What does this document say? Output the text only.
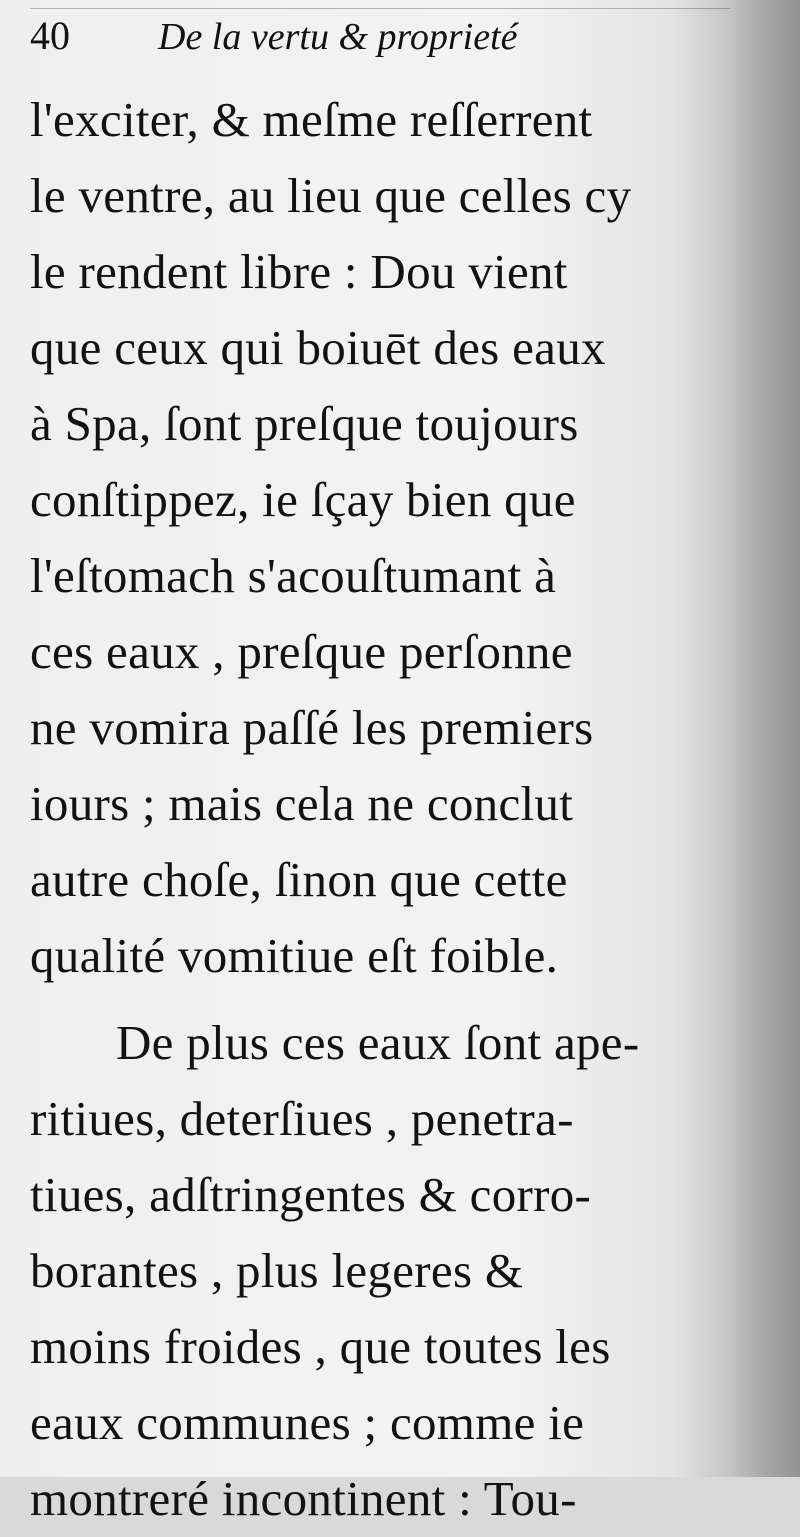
40 De la vertu & proprieté
l'exciter, & meſme reſſerrent
le ventre, au lieu que celles cy
le rendent libre : Dou vient
que ceux qui boiuēt des eaux
à Spa, ſont preſque toujours
conſtippez, ie ſçay bien que
l'eſtomach s'acouſtumant à
ces eaux , preſque perſonne
ne vomira paſſé les premiers
iours ; mais cela ne conclut
autre choſe, ſinon que cette
qualité vomitiue eſt foible.
De plus ces eaux ſont ape-
ritiues, deterſiues , penetra-
tiues, adſtringentes & corro-
borantes , plus legeres &
moins froides , que toutes les
eaux communes ; comme ie
montreré incontinent : Tou-
